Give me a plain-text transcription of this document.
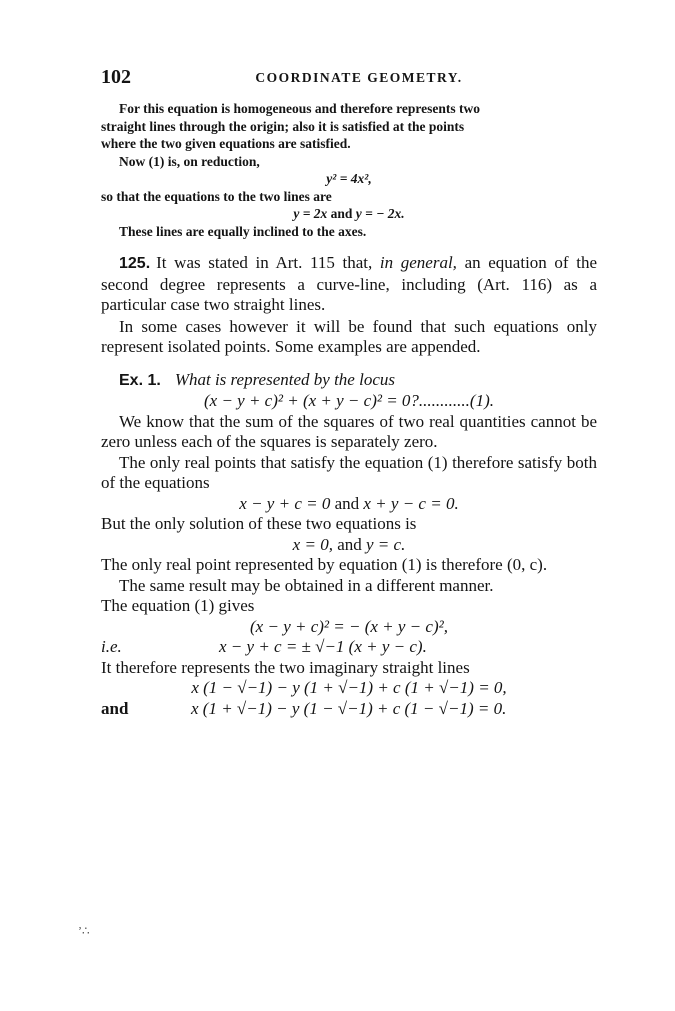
102	COORDINATE GEOMETRY.
For this equation is homogeneous and therefore represents two
straight lines through the origin; also it is satisfied at the points
where the two given equations are satisfied.
Now (1) is, on reduction,
y² = 4x²,
so that the equations to the two lines are
y = 2x and y = − 2x.
These lines are equally inclined to the axes.

125. It was stated in Art. 115 that, in general, an equation of the second degree represents a curve-line, including (Art. 116) as a particular case two straight lines.

In some cases however it will be found that such equations only represent isolated points. Some examples are appended.

Ex. 1. What is represented by the locus

(x − y + c)² + (x + y − c)² = 0?............(1).

We know that the sum of the squares of two real quantities cannot be zero unless each of the squares is separately zero.

The only real points that satisfy the equation (1) therefore satisfy both of the equations

x − y + c = 0 and x + y − c = 0.

But the only solution of these two equations is

x = 0, and y = c.

The only real point represented by equation (1) is therefore (0, c).

The same result may be obtained in a different manner.

The equation (1) gives

(x − y + c)² = − (x + y − c)²,
i.e.	x − y + c = ± √−1 (x + y − c).

It therefore represents the two imaginary straight lines

x (1 − √−1) − y (1 + √−1) + c (1 + √−1) = 0,
and	x (1 + √−1) − y (1 − √−1) + c (1 − √−1) = 0.
ʼ∴
